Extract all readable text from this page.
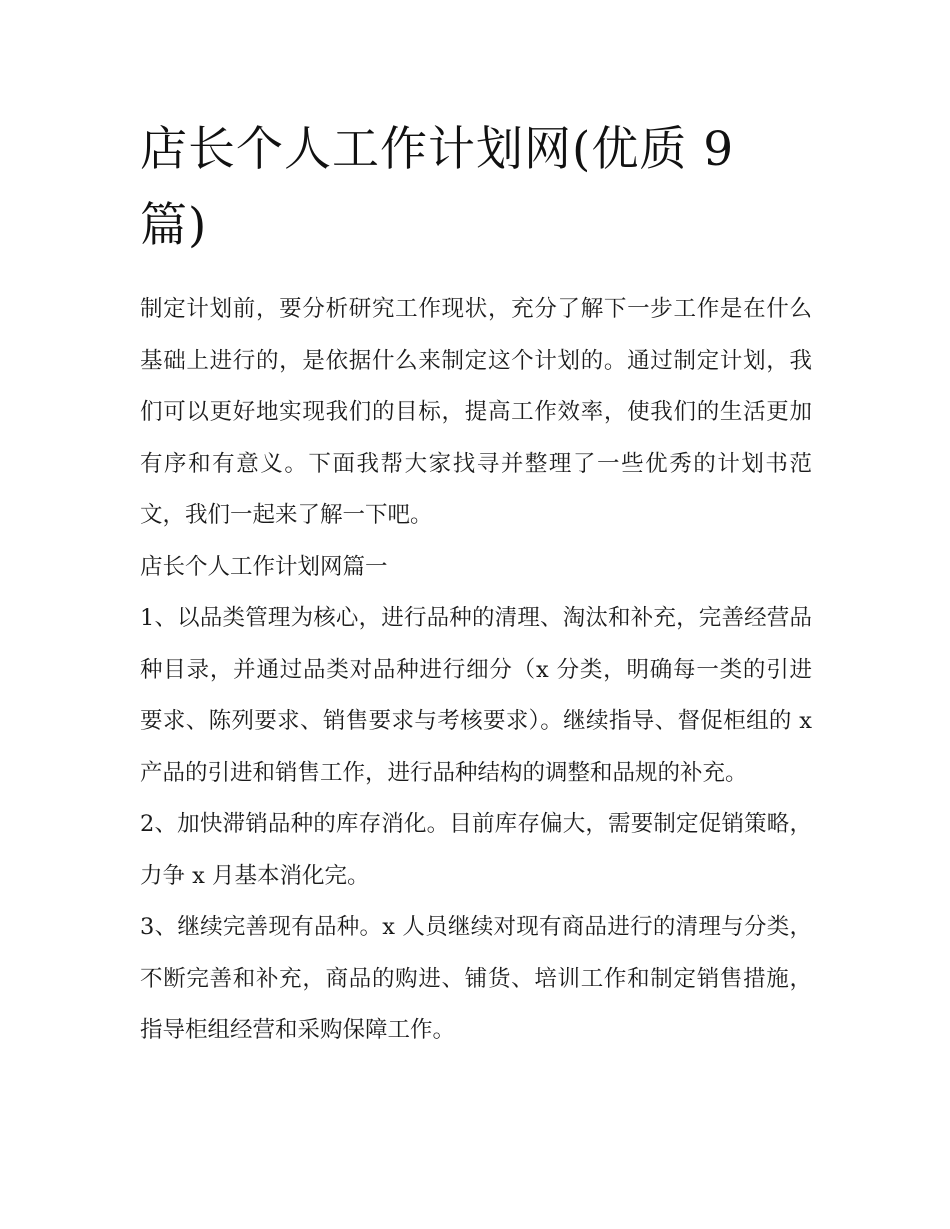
店长个人工作计划网(优质 9 篇)

制定计划前，要分析研究工作现状，充分了解下一步工作是在什么基础上进行的，是依据什么来制定这个计划的。通过制定计划，我们可以更好地实现我们的目标，提高工作效率，使我们的生活更加有序和有意义。下面我帮大家找寻并整理了一些优秀的计划书范文，我们一起来了解一下吧。

店长个人工作计划网篇一

1、以品类管理为核心，进行品种的清理、淘汰和补充，完善经营品种目录，并通过品类对品种进行细分（x 分类，明确每一类的引进要求、陈列要求、销售要求与考核要求）。继续指导、督促柜组的 x 产品的引进和销售工作，进行品种结构的调整和品规的补充。

2、加快滞销品种的库存消化。目前库存偏大，需要制定促销策略，力争 x 月基本消化完。

3、继续完善现有品种。x 人员继续对现有商品进行的清理与分类，不断完善和补充，商品的购进、铺货、培训工作和制定销售措施，指导柜组经营和采购保障工作。
